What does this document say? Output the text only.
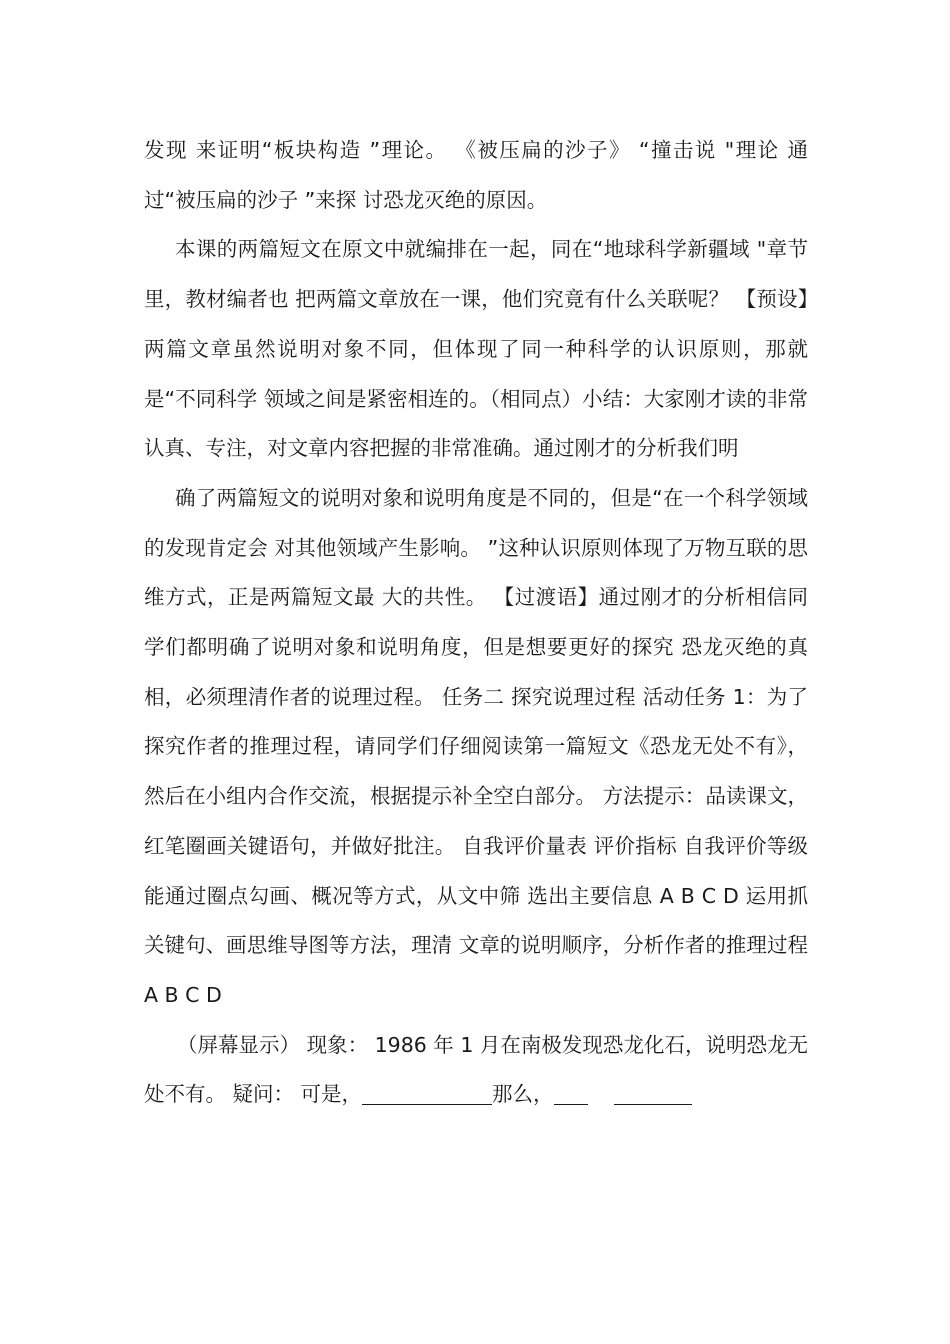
发现 来证明“板块构造 ”理论。 《被压扁的沙子》 “撞击说 "理论 通过“被压扁的沙子 ”来探 讨恐龙灭绝的原因。

本课的两篇短文在原文中就编排在一起，同在“地球科学新疆域 "章节里，教材编者也 把两篇文章放在一课，他们究竟有什么关联呢？ 【预设】两篇文章虽然说明对象不同，但体现了同一种科学的认识原则，那就是“不同科学 领域之间是紧密相连的。（相同点）小结：大家刚才读的非常认真、专注，对文章内容把握的非常准确。通过刚才的分析我们明

确了两篇短文的说明对象和说明角度是不同的，但是“在一个科学领域的发现肯定会 对其他领域产生影响。 ”这种认识原则体现了万物互联的思维方式，正是两篇短文最 大的共性。 【过渡语】通过刚才的分析相信同学们都明确了说明对象和说明角度，但是想要更好的探究 恐龙灭绝的真相，必须理清作者的说理过程。 任务二 探究说理过程 活动任务 1：为了探究作者的推理过程，请同学们仔细阅读第一篇短文《恐龙无处不有》， 然后在小组内合作交流，根据提示补全空白部分。 方法提示：品读课文，红笔圈画关键语句，并做好批注。 自我评价量表 评价指标 自我评价等级 能通过圈点勾画、概况等方式，从文中筛 选出主要信息 A B C D 运用抓关键句、画思维导图等方法，理清 文章的说明顺序，分析作者的推理过程 A B C D

（屏幕显示） 现象： 1986 年 1 月在南极发现恐龙化石，说明恐龙无处不有。 疑问： 可是，	那么，
